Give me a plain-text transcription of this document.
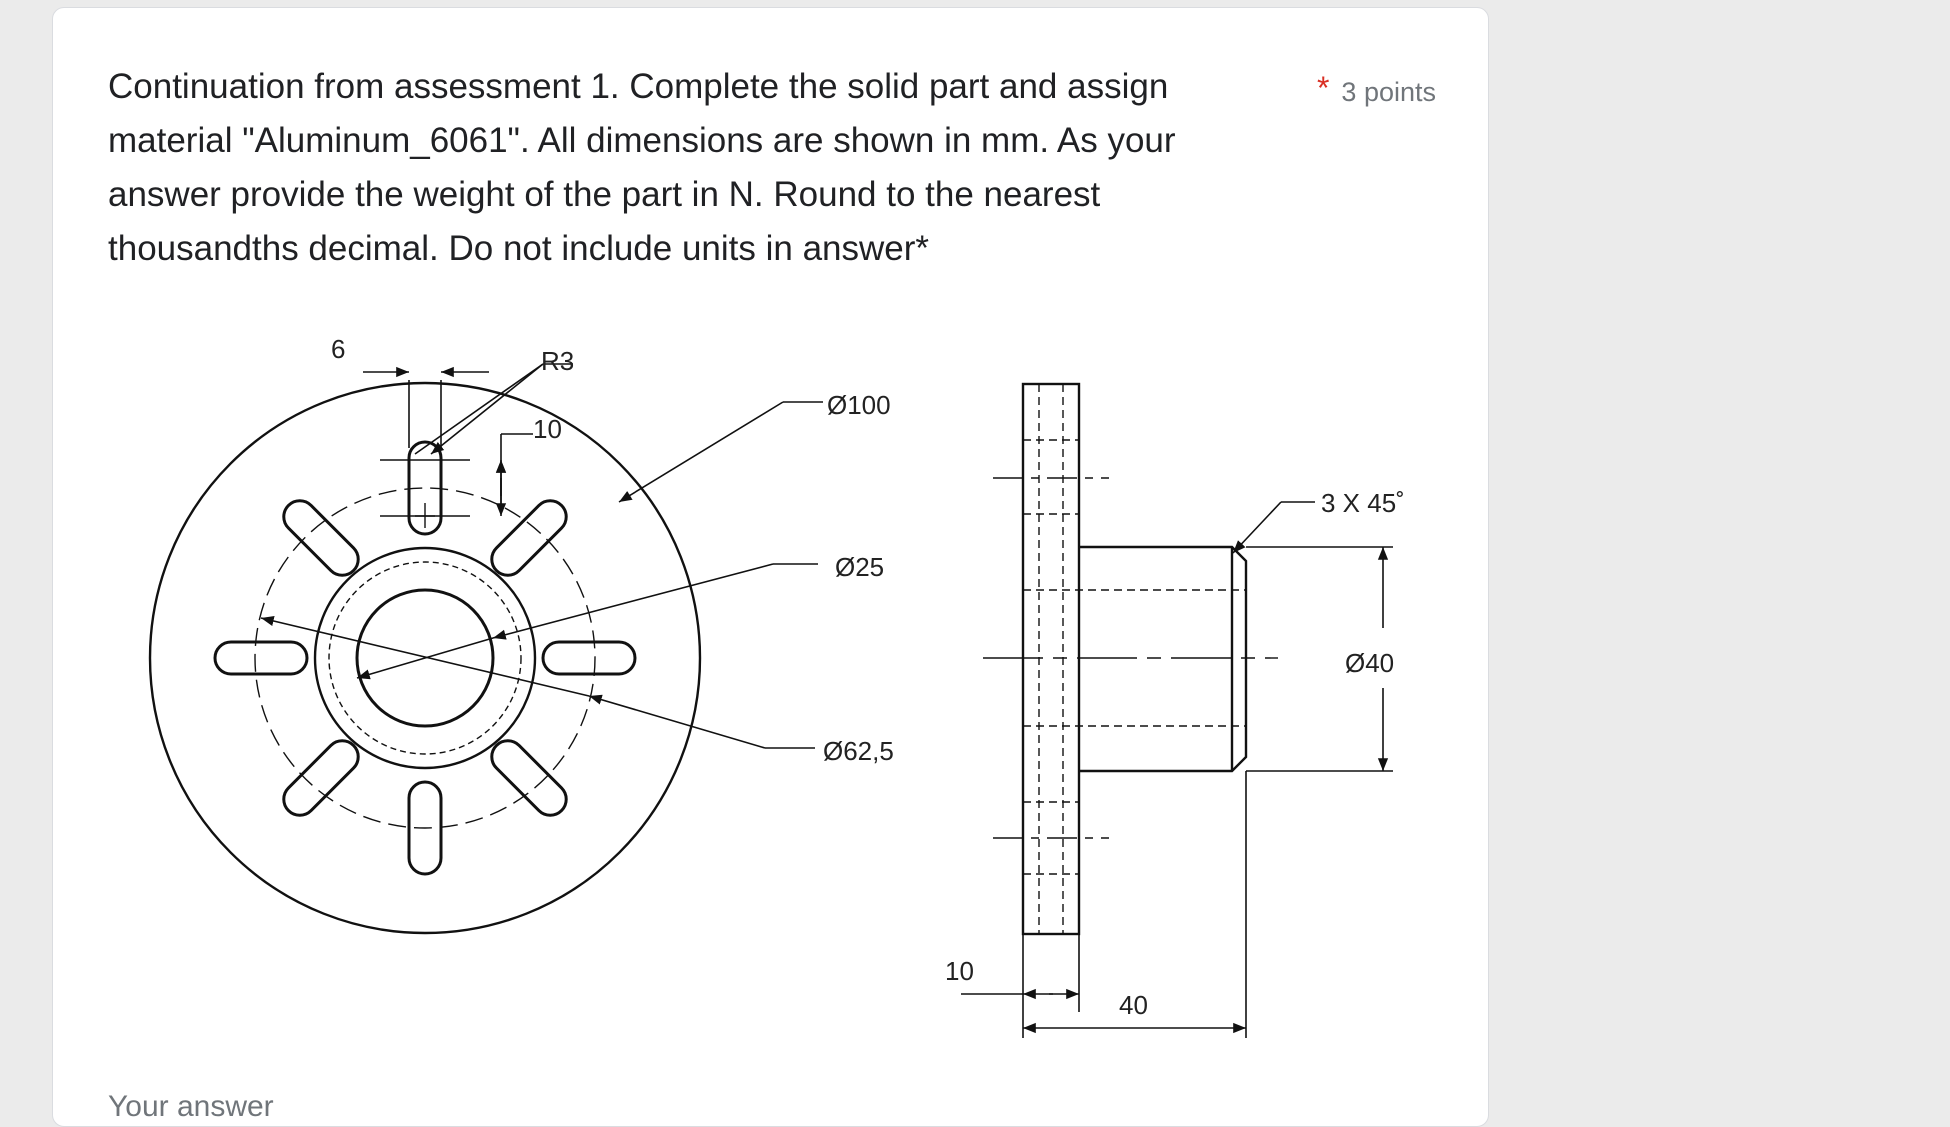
Continuation from assessment 1. Complete the solid part and assign material "Aluminum_6061". All dimensions are shown in mm. As your answer provide the weight of the part in N. Round to the nearest thousandths decimal. Do not include units in answer*
* 3 points
6	R3
10
Ø100
Ø25
Ø62,5
3 X 45˚
Ø40
10
40
Your answer
